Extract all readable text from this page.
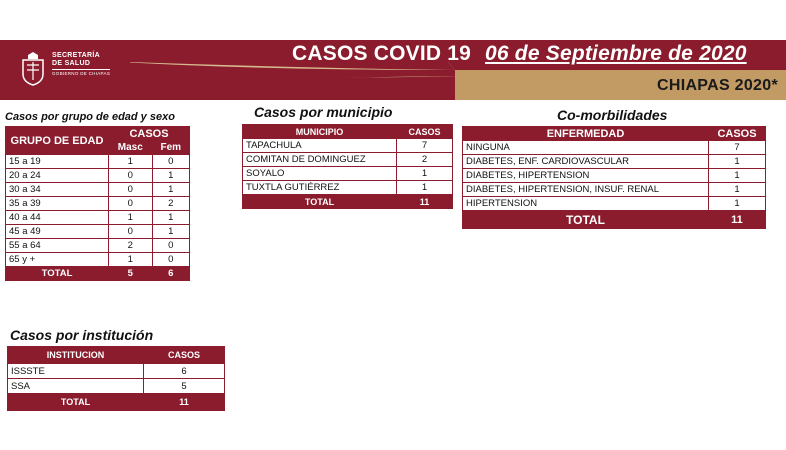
SECRETARÍA
DE SALUD
GOBIERNO DE CHIAPAS
CASOS COVID 19 06 de Septiembre de 2020
CHIAPAS 2020*
Casos por grupo de edad y sexo
GRUPO DE EDAD	CASOS	
	Masc	Fem
15 a 19	1	0
20 a 24	0	1
30 a 34	0	1
35 a 39	0	2
40 a 44	1	1
45 a 49	0	1
55 a 64	2	0
65 y +	1	0
TOTAL	5	6
Casos por municipio
MUNICIPIO	CASOS
TAPACHULA	7
COMITAN DE DOMINGUEZ	2
SOYALO	1
TUXTLA GUTIÉRREZ	1
TOTAL	11
Co-morbilidades
ENFERMEDAD	CASOS
NINGUNA	7
DIABETES, ENF. CARDIOVASCULAR	1
DIABETES, HIPERTENSION	1
DIABETES, HIPERTENSION, INSUF. RENAL	1
HIPERTENSION	1
TOTAL	11
Casos por institución
INSTITUCION	CASOS
ISSSTE	6
SSA	5
TOTAL	11
